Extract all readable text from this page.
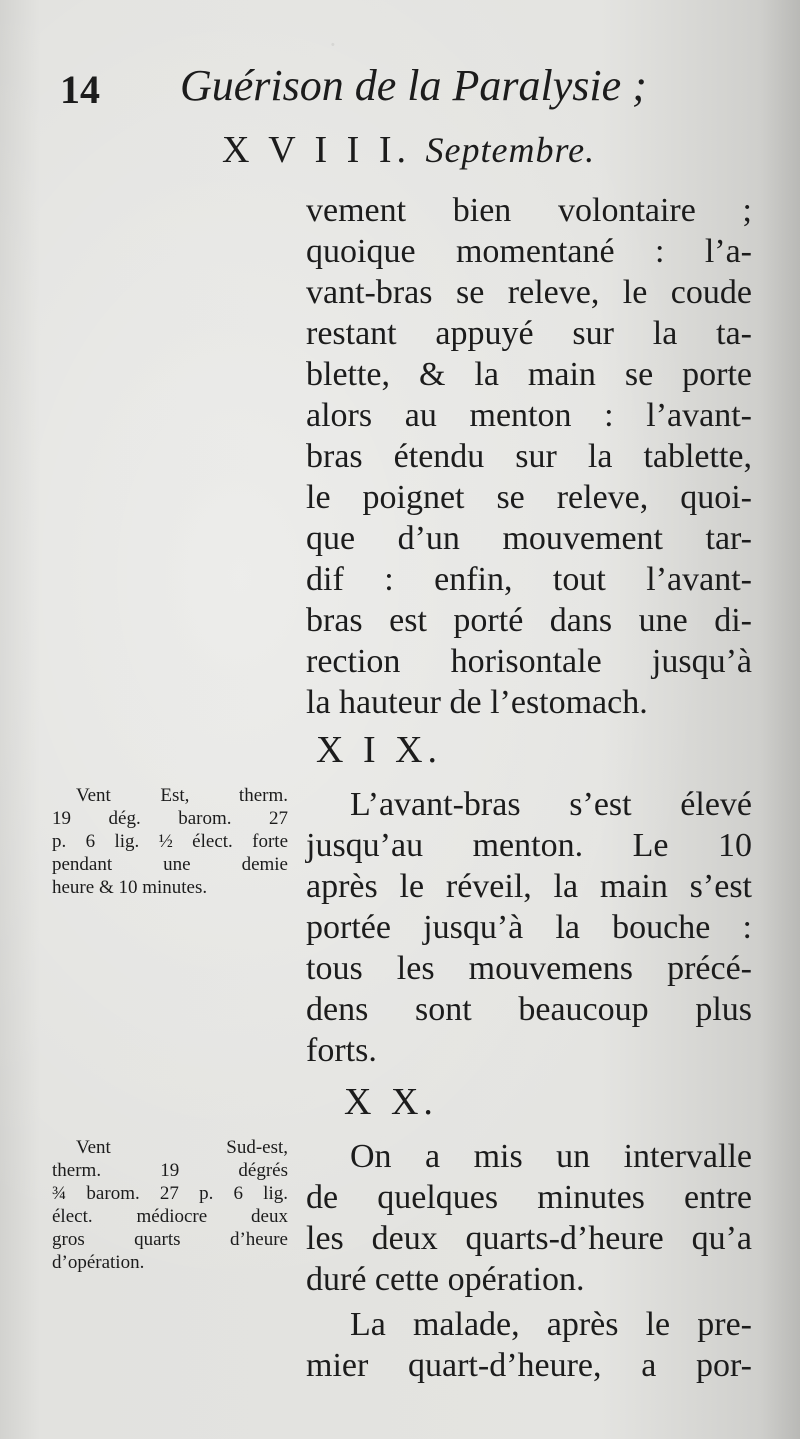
·
14 Guérison de la Paralysie ;
X V I I I. Septembre.
vement bien volontaire ;
quoique momentané : l’a-
vant-bras se releve, le coude
restant appuyé sur la ta-
blette, & la main se porte
alors au menton : l’avant-
bras étendu sur la tablette,
le poignet se releve, quoi-
que d’un mouvement tar-
dif : enfin, tout l’avant-
bras est porté dans une di-
rection horisontale jusqu’à
la hauteur de l’estomach.
X I X.
Vent Est, therm.
19 dég. barom. 27
p. 6 lig. ½ élect. forte
pendant une demie
heure & 10 minutes.
L’avant-bras s’est élevé
jusqu’au menton. Le 10
après le réveil, la main s’est
portée jusqu’à la bouche :
tous les mouvemens précé-
dens sont beaucoup plus
forts.
X X.
Vent Sud-est,
therm. 19 dégrés
¾ barom. 27 p. 6 lig.
élect. médiocre deux
gros quarts d’heure
d’opération.
On a mis un intervalle
de quelques minutes entre
les deux quarts-d’heure qu’a
duré cette opération.
La malade, après le pre-
mier quart-d’heure, a por-
